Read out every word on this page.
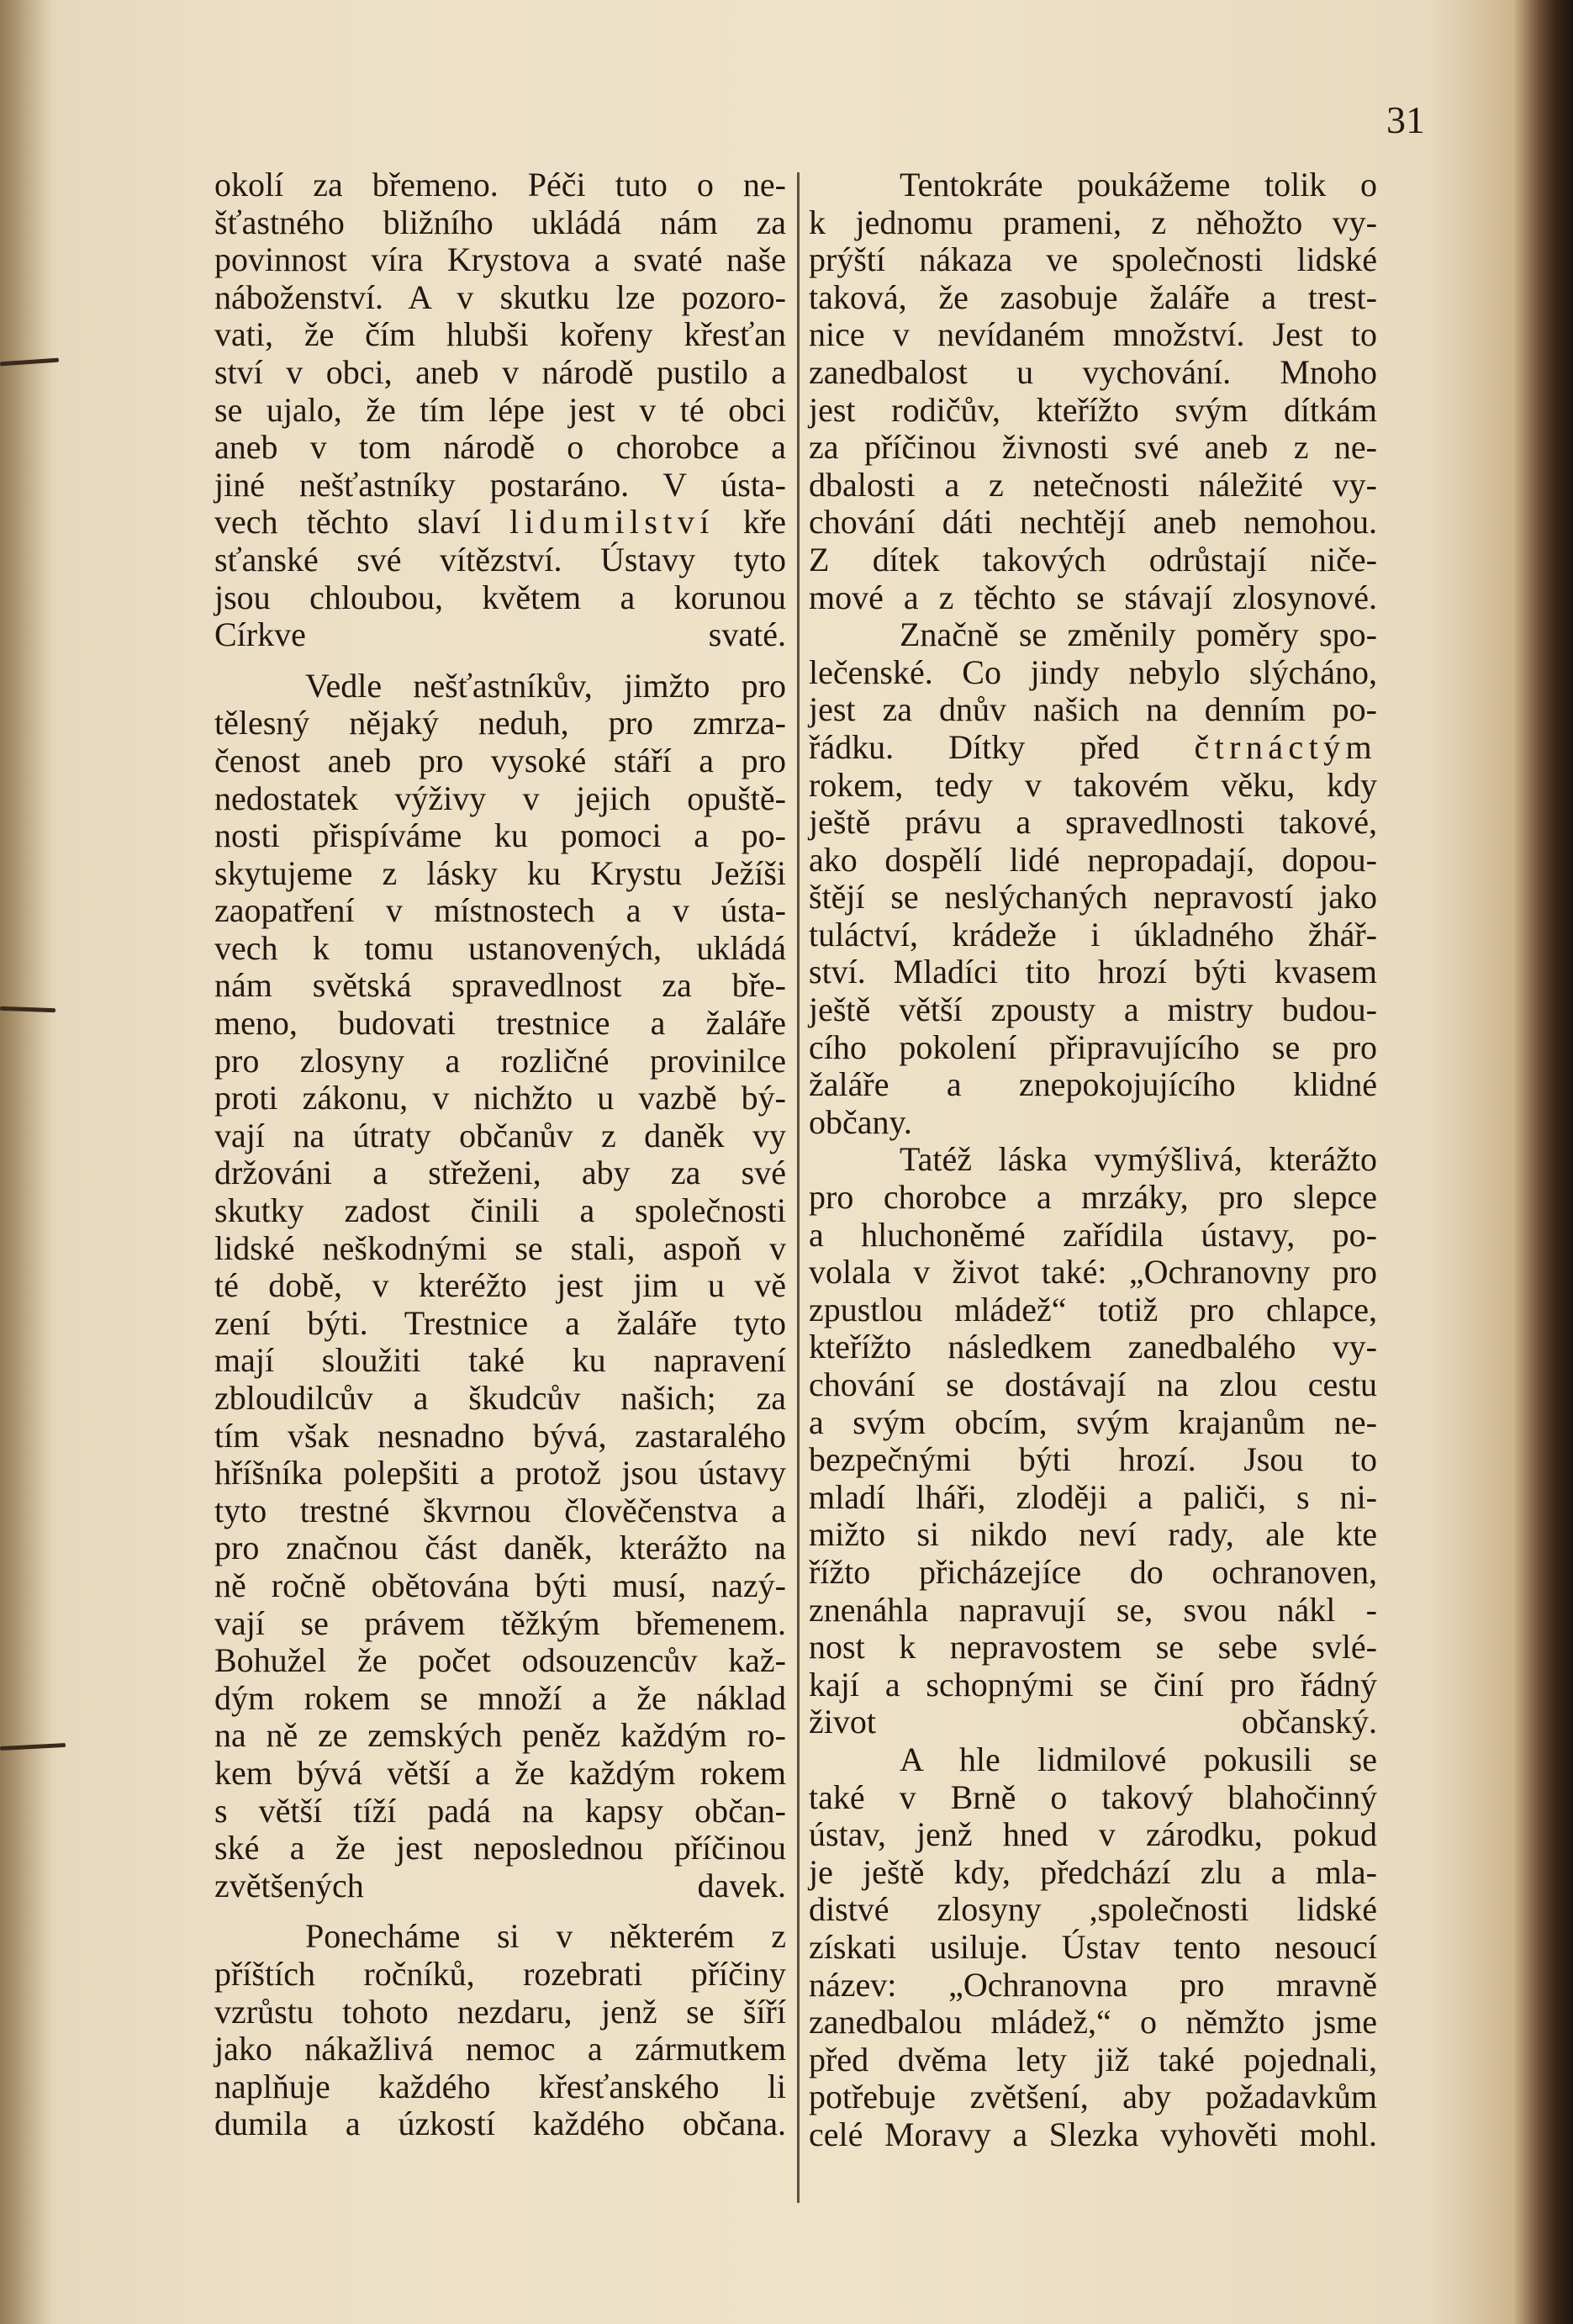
31

okolí za břemeno. Péči tuto o ne-
šťastného bližního ukládá nám za
povinnost víra Krystova a svaté naše
náboženství. A v skutku lze pozoro-
vati, že čím hlubši kořeny křesťan
ství v obci, aneb v národě pustilo a
se ujalo, že tím lépe jest v té obci
aneb v tom národě o chorobce a
jiné nešťastníky postaráno. V ústa-
vech těchto slaví lidumilství kře
sťanské své vítězství. Ústavy tyto
jsou chloubou, květem a korunou
Církve svaté.

Vedle nešťastníkův, jimžto pro
tělesný nějaký neduh, pro zmrza-
čenost aneb pro vysoké stáří a pro
nedostatek výživy v jejich opuště-
nosti přispíváme ku pomoci a po-
skytujeme z lásky ku Krystu Ježíši
zaopatření v místnostech a v ústa-
vech k tomu ustanovených, ukládá
nám světská spravedlnost za bře-
meno, budovati trestnice a žaláře
pro zlosyny a rozličné provinilce
proti zákonu, v nichžto u vazbě bý-
vají na útraty občanův z daněk vy
držováni a střeženi, aby za své
skutky zadost činili a společnosti
lidské neškodnými se stali, aspoň v
té době, v kteréžto jest jim u vě
zení býti. Trestnice a žaláře tyto
mají sloužiti také ku napravení
zbloudilcův a škudcův našich; za
tím však nesnadno bývá, zastaralého
hříšníka polepšiti a protož jsou ústavy
tyto trestné škvrnou člověčenstva a
pro značnou část daněk, kterážto na
ně ročně obětována býti musí, nazý-
vají se právem těžkým břemenem.
Bohužel že počet odsouzencův kaž-
dým rokem se množí a že náklad
na ně ze zemských peněz každým ro-
kem bývá větší a že každým rokem
s větší tíží padá na kapsy občan-
ské a že jest neposlednou příčinou
zvětšených davek.

Ponecháme si v některém z
příštích ročníků, rozebrati příčiny
vzrůstu tohoto nezdaru, jenž se šíří
jako nákažlivá nemoc a zármutkem
naplňuje každého křesťanského li
dumila a úzkostí každého občana.

Tentokráte poukážeme tolik o
k jednomu prameni, z něhožto vy-
prýští nákaza ve společnosti lidské
taková, že zasobuje žaláře a trest-
nice v nevídaném množství. Jest to
zanedbalost u vychování. Mnoho
jest rodičův, kteřížto svým dítkám
za příčinou živnosti své aneb z ne-
dbalosti a z netečnosti náležité vy-
chování dáti nechtějí aneb nemohou.
Z dítek takových odrůstají niče-
mové a z těchto se stávají zlosynové.

Značně se změnily poměry spo-
lečenské. Co jindy nebylo slýcháno,
jest za dnův našich na denním po-
řádku. Dítky před čtrnáctým
rokem, tedy v takovém věku, kdy
ještě právu a spravedlnosti takové,
ako dospělí lidé nepropadají, dopou-
štějí se neslýchaných nepravostí jako
tuláctví, krádeže i úkladného žhář-
ství. Mladíci tito hrozí býti kvasem
ještě větší zpousty a mistry budou-
cího pokolení připravujícího se pro
žaláře a znepokojujícího klidné
občany.

Tatéž láska vymýšlivá, kterážto
pro chorobce a mrzáky, pro slepce
a hluchoněmé zařídila ústavy, po-
volala v život také: „Ochranovny pro
zpustlou mládež“ totiž pro chlapce,
kteřížto následkem zanedbalého vy-
chování se dostávají na zlou cestu
a svým obcím, svým krajanům ne-
bezpečnými býti hrozí. Jsou to
mladí lháři, zloději a paliči, s ni-
mižto si nikdo neví rady, ale kte
řížto přicházejíce do ochranoven,
znenáhla napravují se, svou nákl -
nost k nepravostem se sebe svlé-
kají a schopnými se činí pro řádný
život občanský.

A hle lidmilové pokusili se
také v Brně o takový blahočinný
ústav, jenž hned v zárodku, pokud
je ještě kdy, předchází zlu a mla-
distvé zlosyny ,společnosti lidské
získati usiluje. Ústav tento nesoucí
název: „Ochranovna pro mravně
zanedbalou mládež,“ o němžto jsme
před dvěma lety již také pojednali,
potřebuje zvětšení, aby požadavkům
celé Moravy a Slezka vyhověti mohl.
